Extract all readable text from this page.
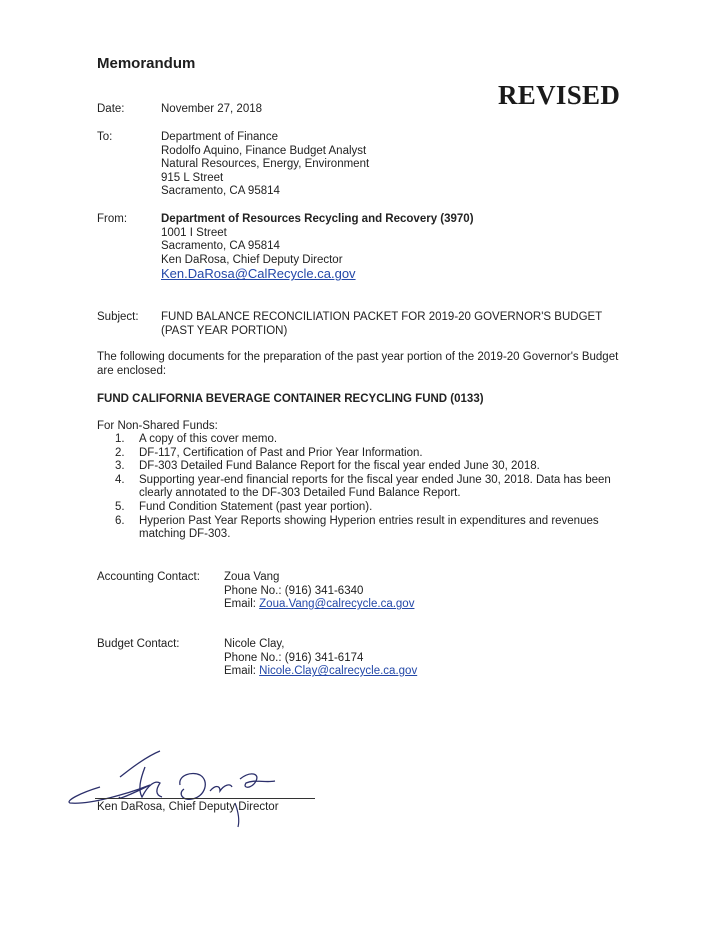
Memorandum
REVISED
Date:	November 27, 2018
To:	Department of Finance
Rodolfo Aquino, Finance Budget Analyst
Natural Resources, Energy, Environment
915 L Street
Sacramento, CA 95814
From:	Department of Resources Recycling and Recovery (3970)
1001 I Street
Sacramento, CA 95814
Ken DaRosa, Chief Deputy Director
Ken.DaRosa@CalRecycle.ca.gov
Subject: FUND BALANCE RECONCILIATION PACKET FOR 2019-20 GOVERNOR'S BUDGET
(PAST YEAR PORTION)
The following documents for the preparation of the past year portion of the 2019-20 Governor's Budget are enclosed:
FUND CALIFORNIA BEVERAGE CONTAINER RECYCLING FUND (0133)
For Non-Shared Funds:
1.	A copy of this cover memo.
2.	DF-117, Certification of Past and Prior Year Information.
3.	DF-303 Detailed Fund Balance Report for the fiscal year ended June 30, 2018.
4.	Supporting year-end financial reports for the fiscal year ended June 30, 2018. Data has been clearly annotated to the DF-303 Detailed Fund Balance Report.
5.	Fund Condition Statement (past year portion).
6.	Hyperion Past Year Reports showing Hyperion entries result in expenditures and revenues matching DF-303.
Accounting Contact: Zoua Vang
Phone No.: (916) 341-6340
Email: Zoua.Vang@calrecycle.ca.gov
Budget Contact:	Nicole Clay,
Phone No.: (916) 341-6174
Email: Nicole.Clay@calrecycle.ca.gov
Ken DaRosa, Chief Deputy Director
